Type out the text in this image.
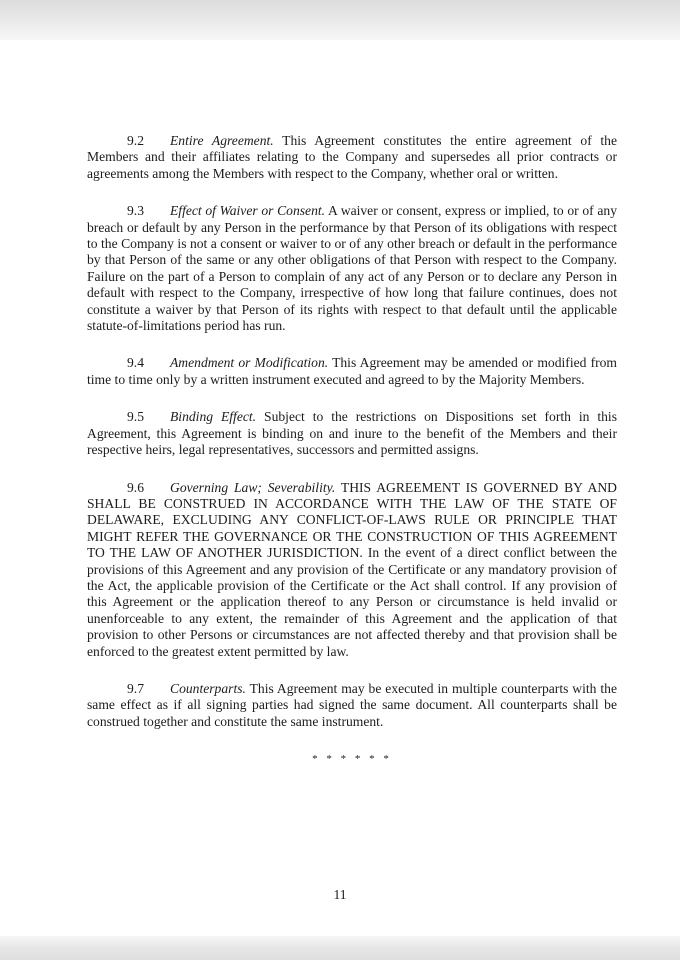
9.2 Entire Agreement. This Agreement constitutes the entire agreement of the Members and their affiliates relating to the Company and supersedes all prior contracts or agreements among the Members with respect to the Company, whether oral or written.

9.3 Effect of Waiver or Consent. A waiver or consent, express or implied, to or of any breach or default by any Person in the performance by that Person of its obligations with respect to the Company is not a consent or waiver to or of any other breach or default in the performance by that Person of the same or any other obligations of that Person with respect to the Company. Failure on the part of a Person to complain of any act of any Person or to declare any Person in default with respect to the Company, irrespective of how long that failure continues, does not constitute a waiver by that Person of its rights with respect to that default until the applicable statute-of-limitations period has run.

9.4 Amendment or Modification. This Agreement may be amended or modified from time to time only by a written instrument executed and agreed to by the Majority Members.

9.5 Binding Effect. Subject to the restrictions on Dispositions set forth in this Agreement, this Agreement is binding on and inure to the benefit of the Members and their respective heirs, legal representatives, successors and permitted assigns.

9.6 Governing Law; Severability. THIS AGREEMENT IS GOVERNED BY AND SHALL BE CONSTRUED IN ACCORDANCE WITH THE LAW OF THE STATE OF DELAWARE, EXCLUDING ANY CONFLICT-OF-LAWS RULE OR PRINCIPLE THAT MIGHT REFER THE GOVERNANCE OR THE CONSTRUCTION OF THIS AGREEMENT TO THE LAW OF ANOTHER JURISDICTION. In the event of a direct conflict between the provisions of this Agreement and any provision of the Certificate or any mandatory provision of the Act, the applicable provision of the Certificate or the Act shall control. If any provision of this Agreement or the application thereof to any Person or circumstance is held invalid or unenforceable to any extent, the remainder of this Agreement and the application of that provision to other Persons or circumstances are not affected thereby and that provision shall be enforced to the greatest extent permitted by law.

9.7 Counterparts. This Agreement may be executed in multiple counterparts with the same effect as if all signing parties had signed the same document. All counterparts shall be construed together and constitute the same instrument.

* * * * * *
11
